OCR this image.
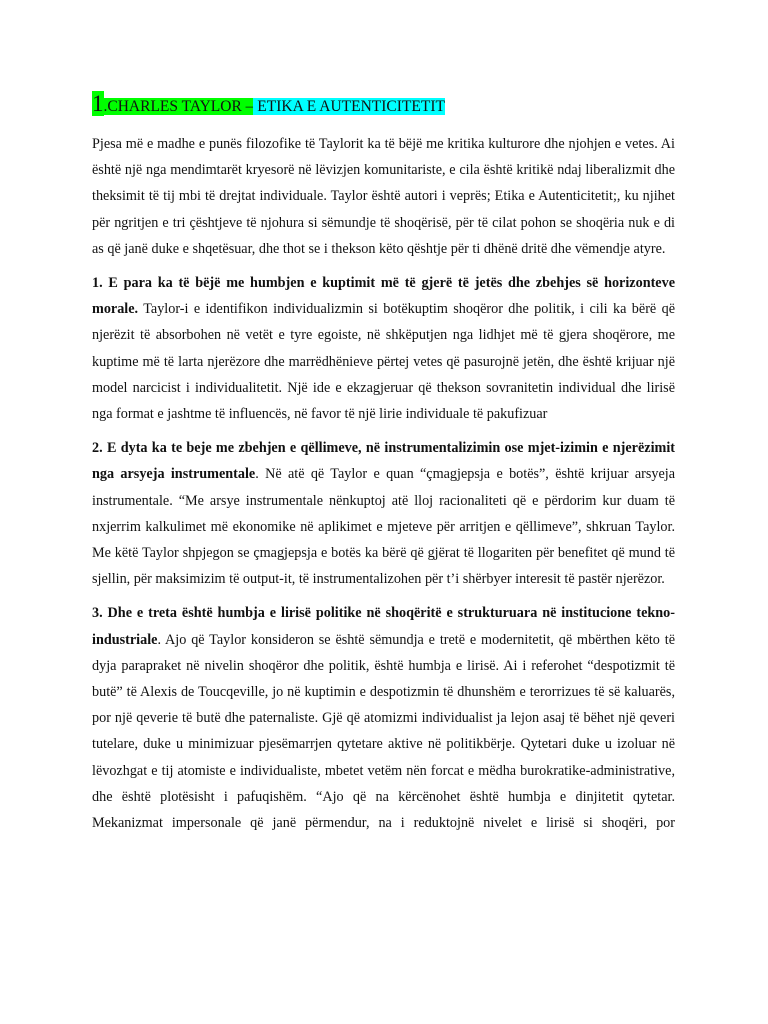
1.CHARLES TAYLOR – ETIKA E AUTENTICITETIT

Pjesa më e madhe e punës filozofike të Taylorit ka të bëjë me kritika kulturore dhe njohjen e vetes. Ai është një nga mendimtarët kryesorë në lëvizjen komunitariste, e cila është kritikë ndaj liberalizmit dhe theksimit të tij mbi të drejtat individuale. Taylor është autori i veprës; Etika e Autenticitetit;, ku njihet për ngritjen e tri çështjeve të njohura si sëmundje të shoqërisë, për të cilat pohon se shoqëria nuk e di as që janë duke e shqetësuar, dhe thot se i thekson këto qështje për ti dhënë dritë dhe vëmendje atyre.

1. E para ka të bëjë me humbjen e kuptimit më të gjerë të jetës dhe zbehjes së horizonteve morale. Taylor-i e identifikon individualizmin si botëkuptim shoqëror dhe politik, i cili ka bërë që njerëzit të absorbohen në vetët e tyre egoiste, në shkëputjen nga lidhjet më të gjera shoqërore, me kuptime më të larta njerëzore dhe marrëdhënieve përtej vetes që pasurojnë jetën, dhe është krijuar një model narcicist i individualitetit. Një ide e ekzagjeruar që thekson sovranitetin individual dhe lirisë nga format e jashtme të influencës, në favor të një lirie individuale të pakufizuar

2. E dyta ka te beje me zbehjen e qëllimeve, në instrumentalizimin ose mjet-izimin e njerëzimit nga arsyeja instrumentale. Në atë që Taylor e quan “çmagjepsja e botës”, është krijuar arsyeja instrumentale. “Me arsye instrumentale nënkuptoj atë lloj racionaliteti që e përdorim kur duam të nxjerrim kalkulimet më ekonomike në aplikimet e mjeteve për arritjen e qëllimeve”, shkruan Taylor. Me këtë Taylor shpjegon se çmagjepsja e botës ka bërë që gjërat të llogariten për benefitet që mund të sjellin, për maksimizim të output-it, të instrumentalizohen për t’i shërbyer interesit të pastër njerëzor.

3. Dhe e treta është humbja e lirisë politike në shoqëritë e strukturuara në institucione tekno-industriale. Ajo që Taylor konsideron se është sëmundja e tretë e modernitetit, që mbërthen këto të dyja parapraket në nivelin shoqëror dhe politik, është humbja e lirisë. Ai i referohet “despotizmit të butë” të Alexis de Toucqeville, jo në kuptimin e despotizmin të dhunshëm e terorrizues të së kaluarës, por një qeverie të butë dhe paternaliste. Gjë që atomizmi individualist ja lejon asaj të bëhet një qeveri tutelare, duke u minimizuar pjesëmarrjen qytetare aktive në politikbërje. Qytetari duke u izoluar në lëvozhgat e tij atomiste e individualiste, mbetet vetëm nën forcat e mëdha burokratike-administrative, dhe është plotësisht i pafuqishëm. “Ajo që na kërcënohet është humbja e dinjitetit qytetar. Mekanizmat impersonale që janë përmendur, na i reduktojnë nivelet e lirisë si shoqëri, por
